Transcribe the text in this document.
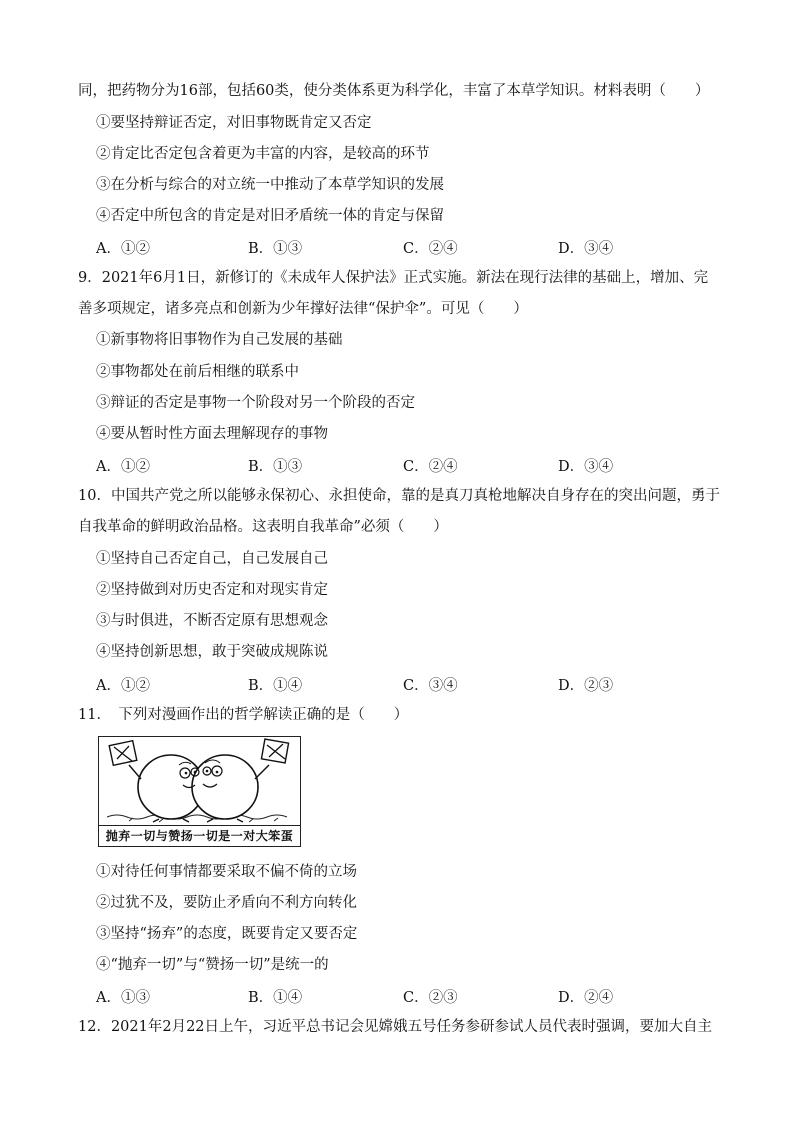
同，把药物分为16部，包括60类，使分类体系更为科学化，丰富了本草学知识。材料表明（　　）
①要坚持辩证否定，对旧事物既肯定又否定
②肯定比否定包含着更为丰富的内容，是较高的环节
③在分析与综合的对立统一中推动了本草学知识的发展
④否定中所包含的肯定是对旧矛盾统一体的肯定与保留
A．①②	B．①③	C．②④	D．③④
9．2021年6月1日，新修订的《未成年人保护法》正式实施。新法在现行法律的基础上，增加、完
善多项规定，诸多亮点和创新为少年撑好法律“保护伞”。可见（　　）
①新事物将旧事物作为自己发展的基础
②事物都处在前后相继的联系中
③辩证的否定是事物一个阶段对另一个阶段的否定
④要从暂时性方面去理解现存的事物
A．①②	B．①③	C．②④	D．③④
10．中国共产党之所以能够永保初心、永担使命，靠的是真刀真枪地解决自身存在的突出问题，勇于
自我革命的鲜明政治品格。这表明自我革命”必须（　　）
①坚持自己否定自己，自己发展自己
②坚持做到对历史否定和对现实肯定
③与时俱进，不断否定原有思想观念
④坚持创新思想，敢于突破成规陈说
A．①②	B．①④	C．③④	D．②③
11．　下列对漫画作出的哲学解读正确的是（　　）
抛弃一切与赞扬一切是一对大笨蛋
①对待任何事情都要采取不偏不倚的立场
②过犹不及，要防止矛盾向不利方向转化
③坚持“扬弃”的态度，既要肯定又要否定
④“抛弃一切”与“赞扬一切”是统一的
A．①③	B．①④	C．②③	D．②④
12．2021年2月22日上午，习近平总书记会见嫦娥五号任务参研参试人员代表时强调，要加大自主
